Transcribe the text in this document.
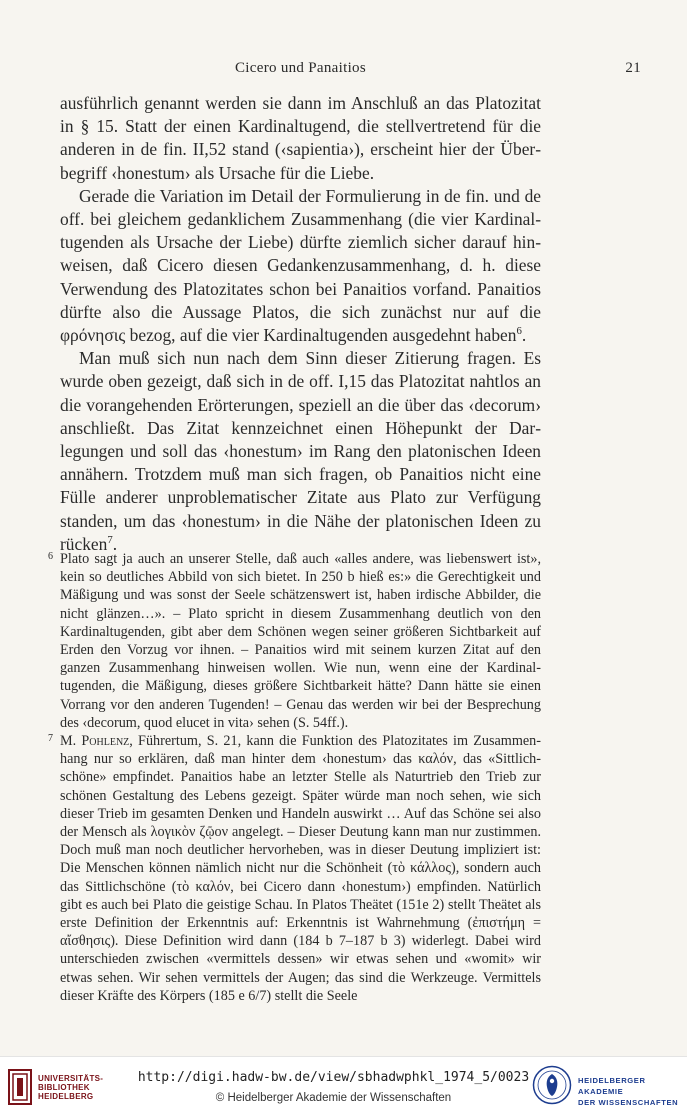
Cicero und Panaitios	21

ausführlich genannt werden sie dann im Anschluß an das Platozitat in § 15. Statt der einen Kardinaltugend, die stellvertretend für die anderen in de fin. II,52 stand (‹sapientia›), erscheint hier der Überbegriff ‹honestum› als Ursache für die Liebe.

Gerade die Variation im Detail der Formulierung in de fin. und de off. bei gleichem gedanklichem Zusammenhang (die vier Kardinaltugenden als Ursache der Liebe) dürfte ziemlich sicher darauf hinweisen, daß Cicero diesen Gedankenzusammenhang, d. h. diese Verwendung des Platozitates schon bei Panaitios vorfand. Panaitios dürfte also die Aussage Platos, die sich zunächst nur auf die φρόνησις bezog, auf die vier Kardinaltugenden ausgedehnt haben$^6$.

Man muß sich nun nach dem Sinn dieser Zitierung fragen. Es wurde oben gezeigt, daß sich in de off. I,15 das Platozitat nahtlos an die vorangehenden Erörterungen, speziell an die über das ‹decorum› anschließt. Das Zitat kennzeichnet einen Höhepunkt der Darlegungen und soll das ‹honestum› im Rang den platonischen Ideen annähern. Trotzdem muß man sich fragen, ob Panaitios nicht eine Fülle anderer unproblematischer Zitate aus Plato zur Verfügung standen, um das ‹honestum› in die Nähe der platonischen Ideen zu rücken$^7$.

6 Plato sagt ja auch an unserer Stelle, daß auch «alles andere, was liebenswert ist», kein so deutliches Abbild von sich bietet. In 250 b hieß es:» die Gerechtigkeit und Mäßigung und was sonst der Seele schätzenswert ist, haben irdische Abbilder, die nicht glänzen…». – Plato spricht in diesem Zusammenhang deutlich von den Kardinaltugenden, gibt aber dem Schönen wegen seiner größeren Sichtbarkeit auf Erden den Vorzug vor ihnen. – Panaitios wird mit seinem kurzen Zitat auf den ganzen Zusammenhang hinweisen wollen. Wie nun, wenn eine der Kardinaltugenden, die Mäßigung, dieses größere Sichtbarkeit hätte? Dann hätte sie einen Vorrang vor den anderen Tugenden! – Genau das werden wir bei der Besprechung des ‹decorum, quod elucet in vita› sehen (S. 54ff.).

7 M. Pohlenz, Führertum, S. 21, kann die Funktion des Platozitates im Zusammenhang nur so erklären, daß man hinter dem ‹honestum› das καλόν, das «Sittlichschöne» empfindet. Panaitios habe an letzter Stelle als Naturtrieb den Trieb zur schönen Gestaltung des Lebens gezeigt. Später würde man noch sehen, wie sich dieser Trieb im gesamten Denken und Handeln auswirkt … Auf das Schöne sei also der Mensch als λογικὸν ζῷον angelegt. – Dieser Deutung kann man nur zustimmen. Doch muß man noch deutlicher hervorheben, was in dieser Deutung impliziert ist: Die Menschen können nämlich nicht nur die Schönheit (τὸ κάλλος), sondern auch das Sittlichschöne (τὸ καλόν, bei Cicero dann ‹honestum›) empfinden. Natürlich gibt es auch bei Plato die geistige Schau. In Platos Theätet (151e 2) stellt Theätet als erste Definition der Erkenntnis auf: Erkenntnis ist Wahrnehmung (ἐπιστήμη = αἴσθησις). Diese Definition wird dann (184 b 7–187 b 3) widerlegt. Dabei wird unterschieden zwischen «vermittels dessen» wir etwas sehen und «womit» wir etwas sehen. Wir sehen vermittels der Augen; das sind die Werkzeuge. Vermittels dieser Kräfte des Körpers (185 e 6/7) stellt die Seele

UNIVERSITÄTS-
BIBLIOTHEK
HEIDELBERG
http://digi.hadw-bw.de/view/sbhadwphkl_1974_5/0023
© Heidelberger Akademie der Wissenschaften
HEIDELBERGER AKADEMIE
DER WISSENSCHAFTEN
